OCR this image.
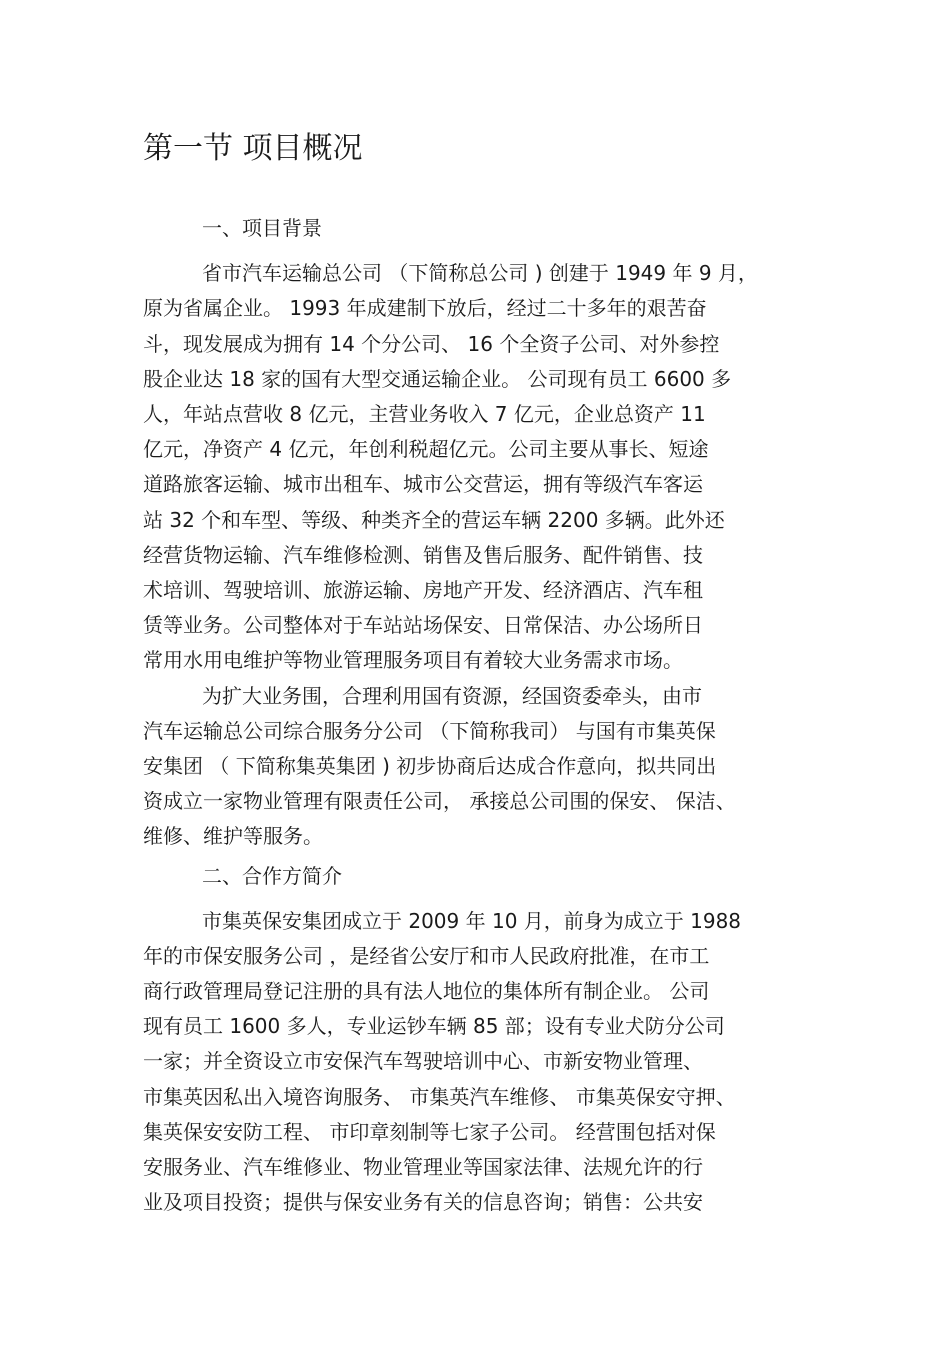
第一节 项目概况
一、项目背景
省市汽车运输总公司 （下简称总公司 ) 创建于 1949 年 9 月，
原为省属企业。 1993 年成建制下放后，经过二十多年的艰苦奋
斗，现发展成为拥有 14 个分公司、 16 个全资子公司、对外参控
股企业达 18 家的国有大型交通运输企业。 公司现有员工 6600 多
人，年站点营收 8 亿元，主营业务收入 7 亿元，企业总资产 11
亿元，净资产 4 亿元，年创利税超亿元。公司主要从事长、短途
道路旅客运输、城市出租车、城市公交营运，拥有等级汽车客运
站 32 个和车型、等级、种类齐全的营运车辆 2200 多辆。此外还
经营货物运输、汽车维修检测、销售及售后服务、配件销售、技
术培训、驾驶培训、旅游运输、房地产开发、经济酒店、汽车租
赁等业务。公司整体对于车站站场保安、日常保洁、办公场所日
常用水用电维护等物业管理服务项目有着较大业务需求市场。
为扩大业务围，合理利用国有资源，经国资委牵头，由市
汽车运输总公司综合服务分公司 （下简称我司） 与国有市集英保
安集团 （ 下简称集英集团 ) 初步协商后达成合作意向，拟共同出
资成立一家物业管理有限责任公司， 承接总公司围的保安、 保洁、
维修、维护等服务。
二、合作方简介
市集英保安集团成立于 2009 年 10 月，前身为成立于 1988
年的市保安服务公司 ，是经省公安厅和市人民政府批准，在市工
商行政管理局登记注册的具有法人地位的集体所有制企业。 公司
现有员工 1600 多人，专业运钞车辆 85 部；设有专业犬防分公司
一家；并全资设立市安保汽车驾驶培训中心、市新安物业管理、
市集英因私出入境咨询服务、 市集英汽车维修、 市集英保安守押、
集英保安安防工程、 市印章刻制等七家子公司。 经营围包括对保
安服务业、汽车维修业、物业管理业等国家法律、法规允许的行
业及项目投资；提供与保安业务有关的信息咨询；销售：公共安
